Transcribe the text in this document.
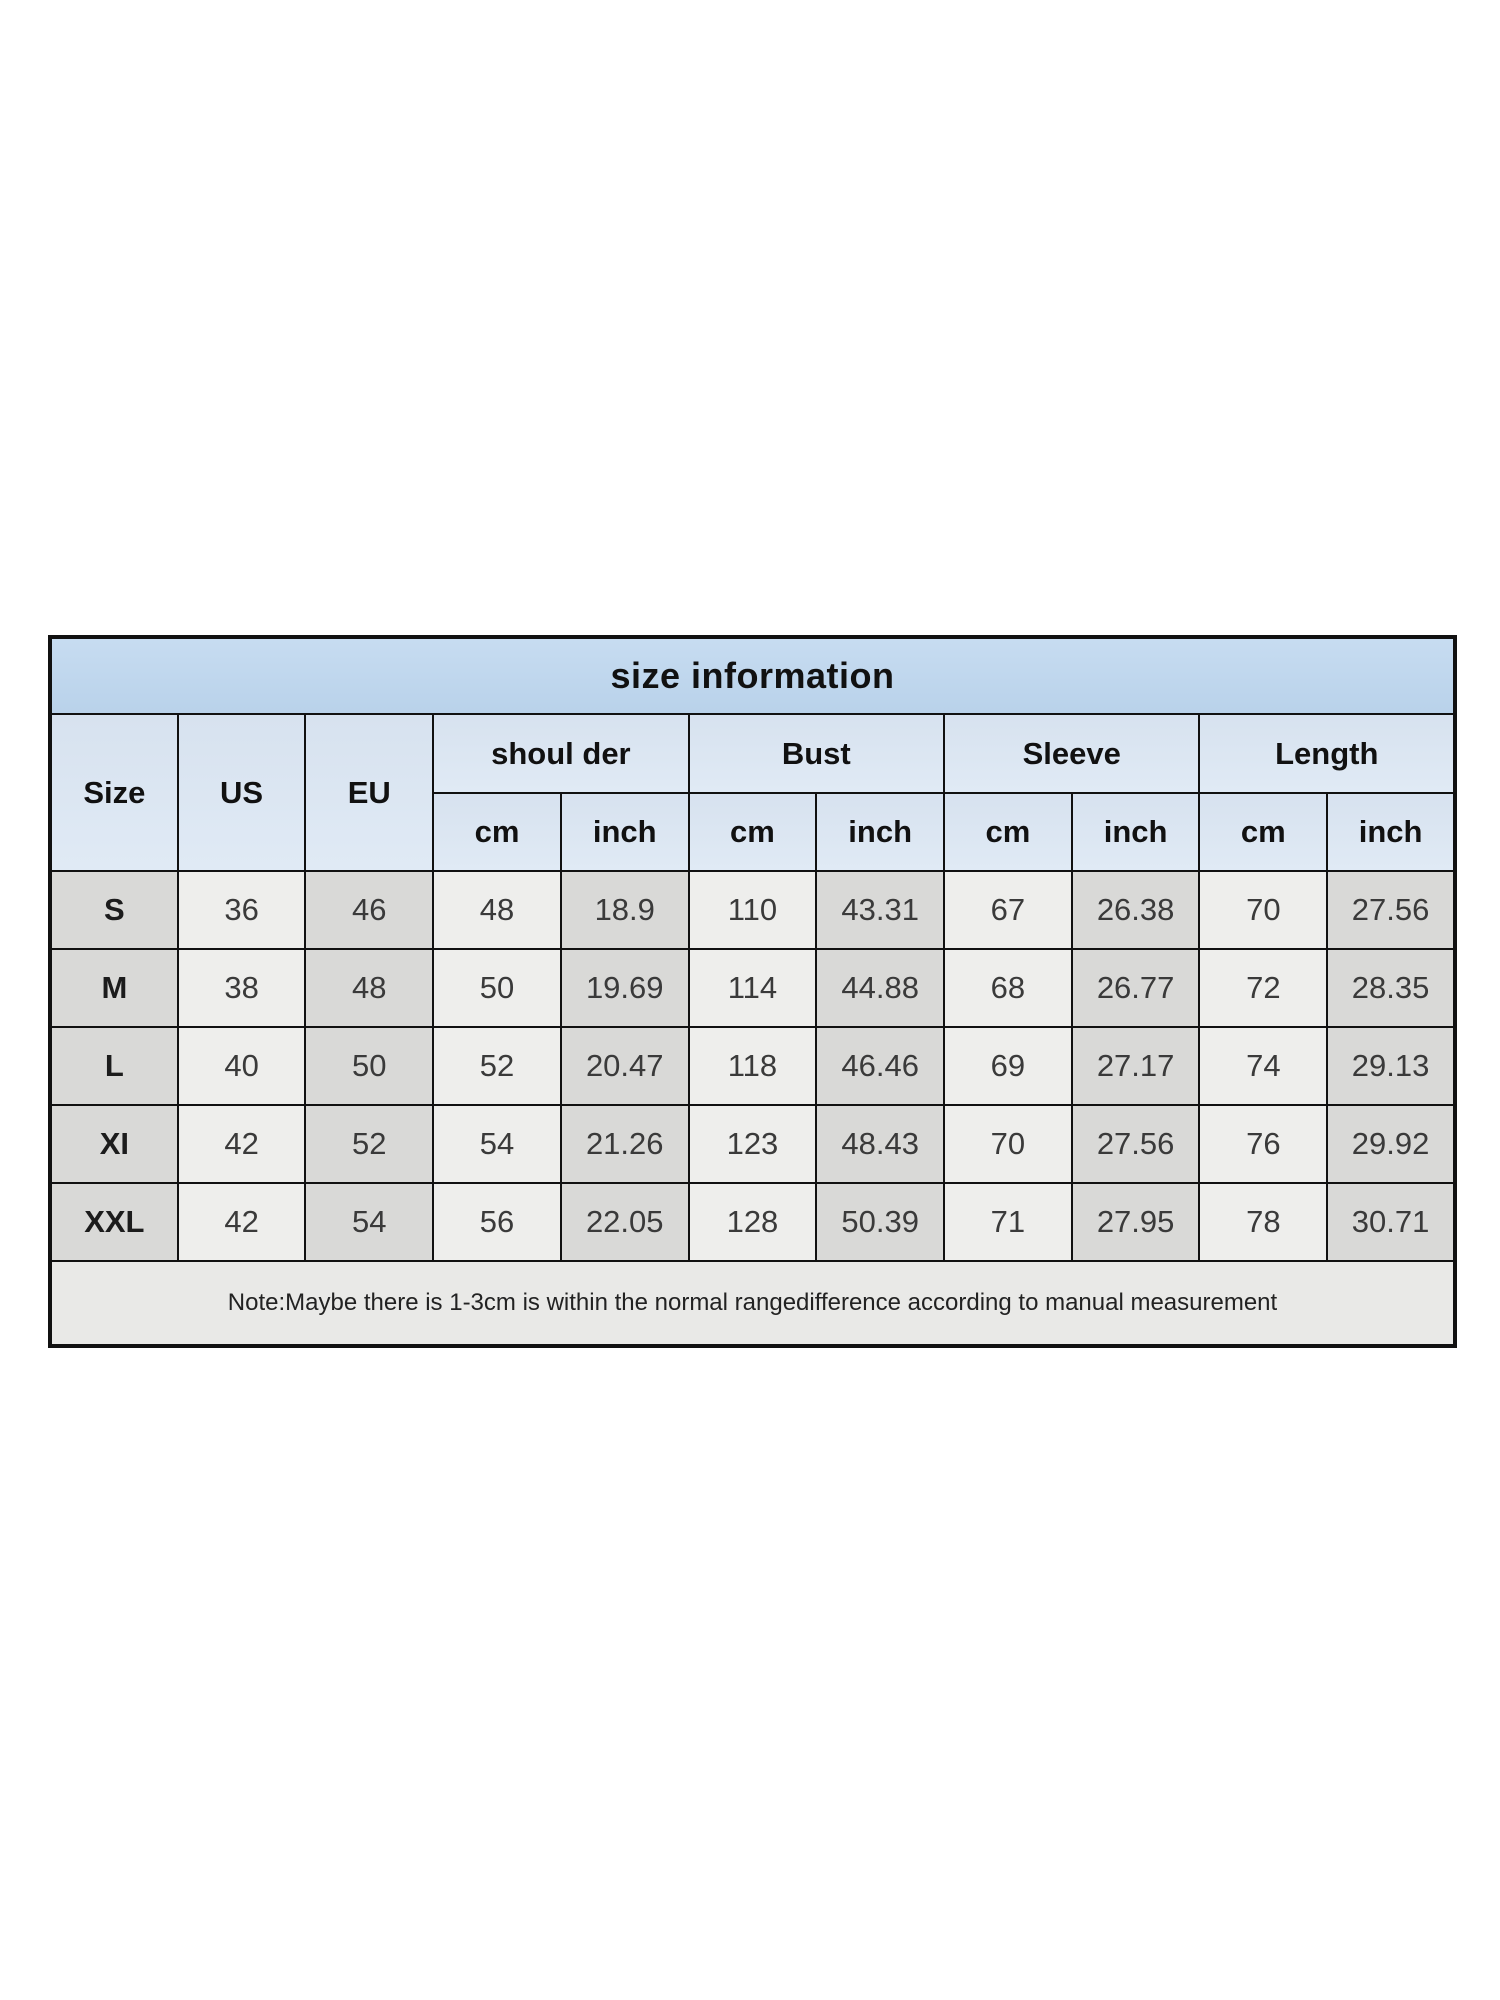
size information										
Size	US	EU	shoul der		Bust		Sleeve		Length	
			cm	inch	cm	inch	cm	inch	cm	inch
S	36	46	48	18.9	110	43.31	67	26.38	70	27.56
M	38	48	50	19.69	114	44.88	68	26.77	72	28.35
L	40	50	52	20.47	118	46.46	69	27.17	74	29.13
XI	42	52	54	21.26	123	48.43	70	27.56	76	29.92
XXL	42	54	56	22.05	128	50.39	71	27.95	78	30.71
Note:Maybe there is 1-3cm is within the normal rangedifference according to manual measurement										
